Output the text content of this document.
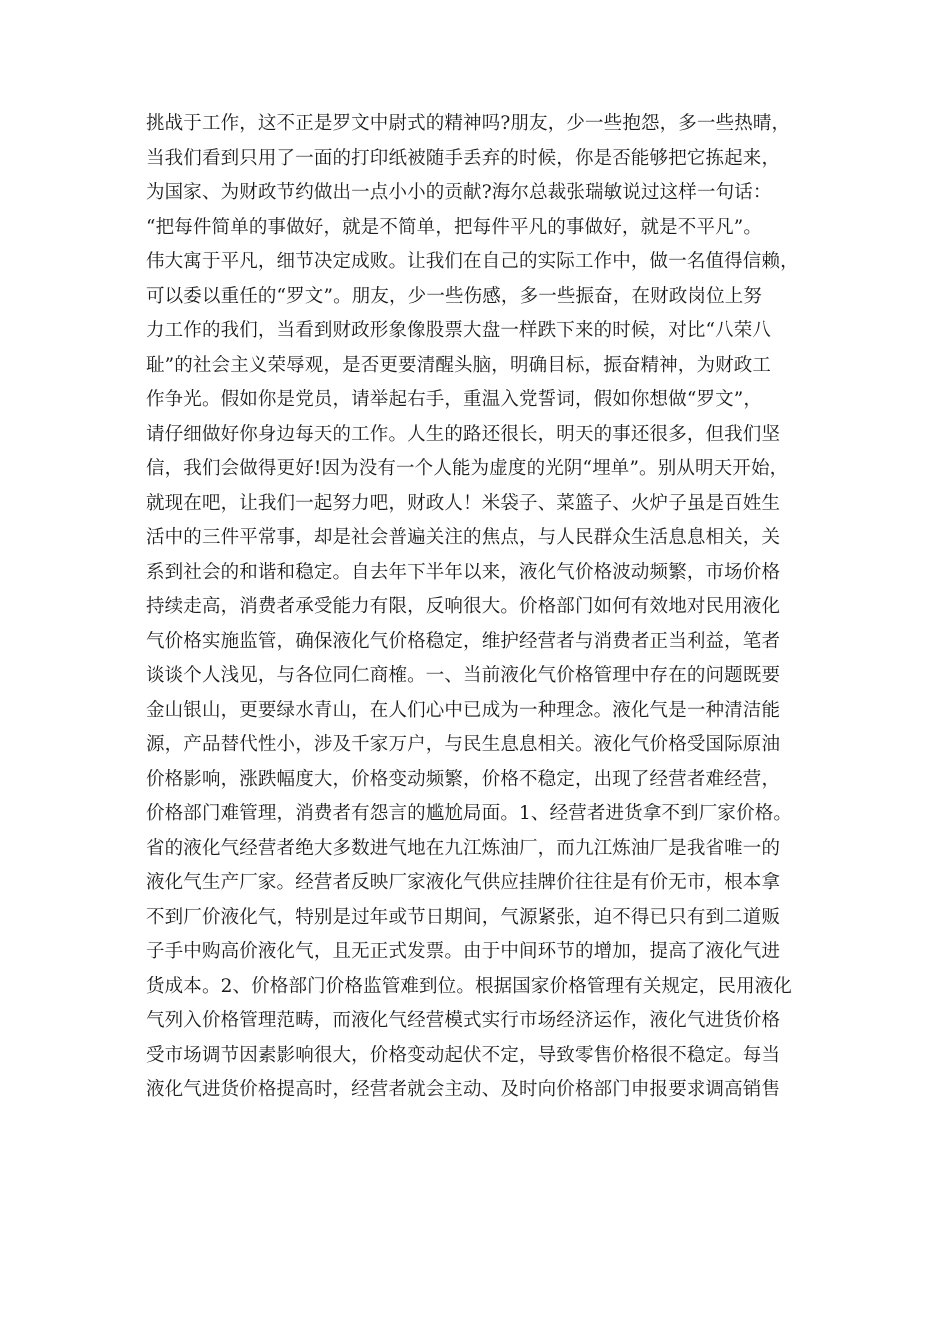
挑战于工作，这不正是罗文中尉式的精神吗?朋友，少一些抱怨，多一些热晴，
当我们看到只用了一面的打印纸被随手丢弃的时候，你是否能够把它拣起来，
为国家、为财政节约做出一点小小的贡献?海尔总裁张瑞敏说过这样一句话：
“把每件简单的事做好，就是不简单，把每件平凡的事做好，就是不平凡”。
伟大寓于平凡，细节决定成败。让我们在自己的实际工作中，做一名值得信赖，
可以委以重任的“罗文”。朋友，少一些伤感，多一些振奋，在财政岗位上努
力工作的我们，当看到财政形象像股票大盘一样跌下来的时候，对比“八荣八
耻”的社会主义荣辱观，是否更要清醒头脑，明确目标，振奋精神，为财政工
作争光。假如你是党员，请举起右手，重温入党誓词，假如你想做“罗文”，
请仔细做好你身边每天的工作。人生的路还很长，明天的事还很多，但我们坚
信，我们会做得更好!因为没有一个人能为虚度的光阴“埋单”。别从明天开始，
就现在吧，让我们一起努力吧，财政人！米袋子、菜篮子、火炉子虽是百姓生
活中的三件平常事，却是社会普遍关注的焦点，与人民群众生活息息相关，关
系到社会的和谐和稳定。自去年下半年以来，液化气价格波动频繁，市场价格
持续走高，消费者承受能力有限，反响很大。价格部门如何有效地对民用液化
气价格实施监管，确保液化气价格稳定，维护经营者与消费者正当利益，笔者
谈谈个人浅见，与各位同仁商榷。一、当前液化气价格管理中存在的问题既要
金山银山，更要绿水青山，在人们心中已成为一种理念。液化气是一种清洁能
源，产品替代性小，涉及千家万户，与民生息息相关。液化气价格受国际原油
价格影响，涨跌幅度大，价格变动频繁，价格不稳定，出现了经营者难经营，
价格部门难管理，消费者有怨言的尴尬局面。1、经营者进货拿不到厂家价格。
省的液化气经营者绝大多数进气地在九江炼油厂，而九江炼油厂是我省唯一的
液化气生产厂家。经营者反映厂家液化气供应挂牌价往往是有价无市，根本拿
不到厂价液化气，特别是过年或节日期间，气源紧张，迫不得已只有到二道贩
子手中购高价液化气，且无正式发票。由于中间环节的增加，提高了液化气进
货成本。2、价格部门价格监管难到位。根据国家价格管理有关规定，民用液化
气列入价格管理范畴，而液化气经营模式实行市场经济运作，液化气进货价格
受市场调节因素影响很大，价格变动起伏不定，导致零售价格很不稳定。每当
液化气进货价格提高时，经营者就会主动、及时向价格部门申报要求调高销售
